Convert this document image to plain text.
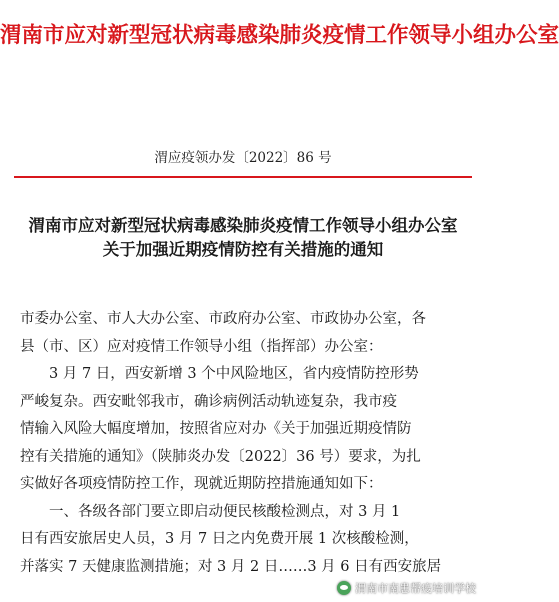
渭南市应对新型冠状病毒感染肺炎疫情工作领导小组办公室
渭应疫领办发〔2022〕86 号
渭南市应对新型冠状病毒感染肺炎疫情工作领导小组办公室
关于加强近期疫情防控有关措施的通知
市委办公室、市人大办公室、市政府办公室、市政协办公室，各
县（市、区）应对疫情工作领导小组（指挥部）办公室：
　　3 月 7 日，西安新增 3 个中风险地区，省内疫情防控形势
严峻复杂。西安毗邻我市，确诊病例活动轨迹复杂，我市疫
情输入风险大幅度增加，按照省应对办《关于加强近期疫情防
控有关措施的通知》（陕肺炎办发〔2022〕36 号）要求，为扎
实做好各项疫情防控工作，现就近期防控措施通知如下：
　　一、各级各部门要立即启动便民核酸检测点，对 3 月 1
日有西安旅居史人员，3 月 7 日之内免费开展 1 次核酸检测，
并落实 7 天健康监测措施；对 3 月 2 日……3 月 6 日有西安旅居
渭南市南患帮疫培训学校
